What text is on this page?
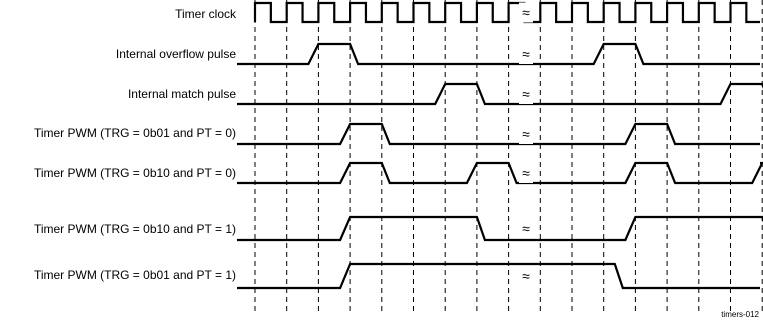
Timer clock
Internal overflow pulse
Internal match pulse
Timer PWM (TRG = 0b01 and PT = 0)
Timer PWM (TRG = 0b10 and PT = 0)
Timer PWM (TRG = 0b10 and PT = 1)
Timer PWM (TRG = 0b01 and PT = 1)
≈
≈
≈
≈
≈
≈
≈
timers-012
